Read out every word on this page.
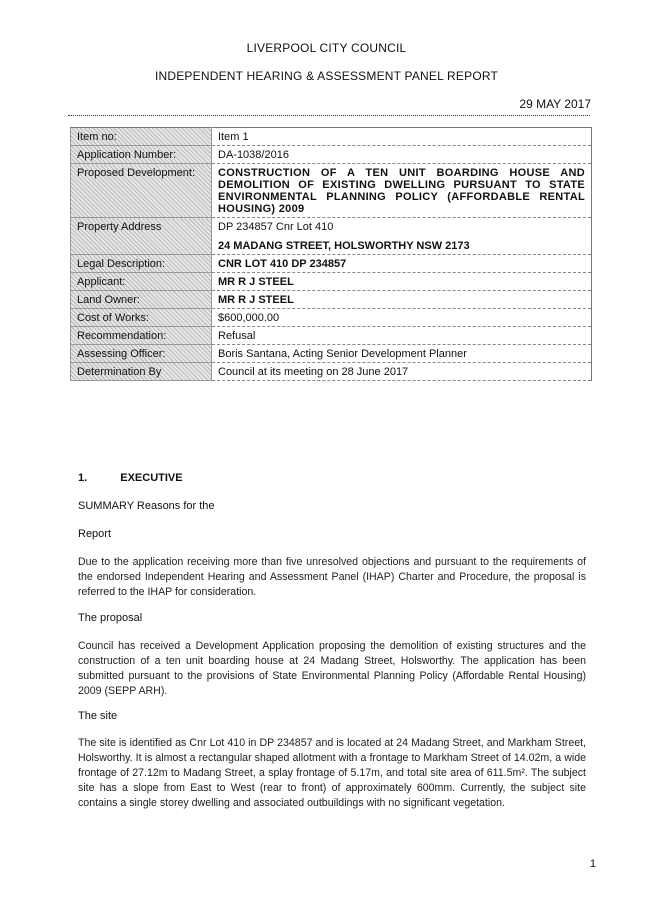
LIVERPOOL CITY COUNCIL
INDEPENDENT HEARING & ASSESSMENT PANEL REPORT
29 MAY 2017
Item no:	Item 1
Application Number:	DA-1038/2016
Proposed Development:	CONSTRUCTION OF A TEN UNIT BOARDING HOUSE AND DEMOLITION OF EXISTING DWELLING PURSUANT TO STATE ENVIRONMENTAL PLANNING POLICY (AFFORDABLE RENTAL HOUSING) 2009
Property Address	DP 234857 Cnr Lot 410
24 MADANG STREET, HOLSWORTHY NSW 2173

Legal Description:	CNR LOT 410 DP 234857
Applicant:	MR R J STEEL
Land Owner:	MR R J STEEL
Cost of Works:	$600,000.00
Recommendation:	Refusal
Assessing Officer:	Boris Santana, Acting Senior Development Planner
Determination By	Council at its meeting on 28 June 2017
1.	EXECUTIVE
SUMMARY Reasons for the
Report
Due to the application receiving more than five unresolved objections and pursuant to the requirements of the endorsed Independent Hearing and Assessment Panel (IHAP) Charter and Procedure, the proposal is referred to the IHAP for consideration.
The proposal
Council has received a Development Application proposing the demolition of existing structures and the construction of a ten unit boarding house at 24 Madang Street, Holsworthy. The application has been submitted pursuant to the provisions of State Environmental Planning Policy (Affordable Rental Housing) 2009 (SEPP ARH).
The site
The site is identified as Cnr Lot 410 in DP 234857 and is located at 24 Madang Street, and Markham Street, Holsworthy. It is almost a rectangular shaped allotment with a frontage to Markham Street of 14.02m, a wide frontage of 27.12m to Madang Street, a splay frontage of 5.17m, and total site area of 611.5m². The subject site has a slope from East to West (rear to front) of approximately 600mm. Currently, the subject site contains a single storey dwelling and associated outbuildings with no significant vegetation.
1
